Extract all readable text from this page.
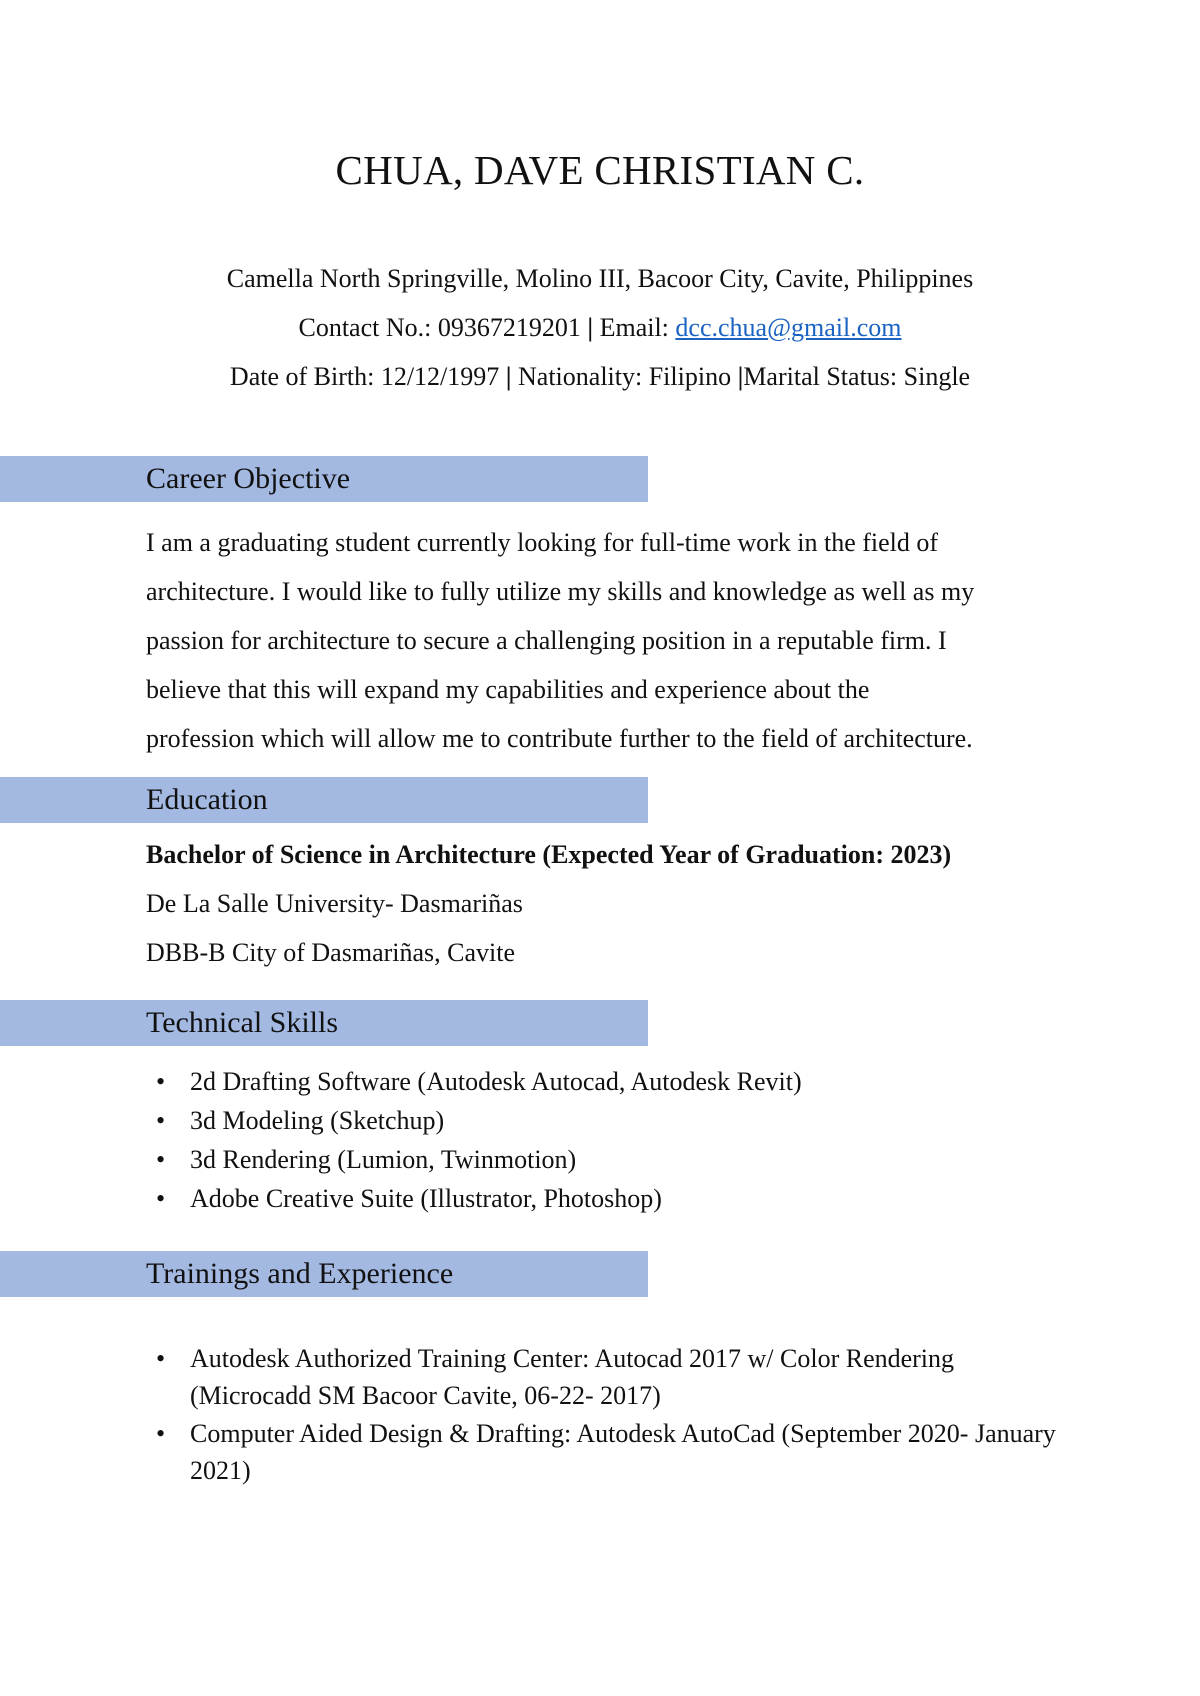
CHUA, DAVE CHRISTIAN C.
Camella North Springville, Molino III, Bacoor City, Cavite, Philippines
Contact No.: 09367219201 | Email: dcc.chua@gmail.com
Date of Birth: 12/12/1997 | Nationality: Filipino |Marital Status: Single
Career Objective
I am a graduating student currently looking for full-time work in the field of
architecture. I would like to fully utilize my skills and knowledge as well as my
passion for architecture to secure a challenging position in a reputable firm. I
believe that this will expand my capabilities and experience about the
profession which will allow me to contribute further to the field of architecture.
Education
Bachelor of Science in Architecture (Expected Year of Graduation: 2023)
De La Salle University- Dasmariñas
DBB-B City of Dasmariñas, Cavite
Technical Skills
• 2d Drafting Software (Autodesk Autocad, Autodesk Revit)
• 3d Modeling (Sketchup)
• 3d Rendering (Lumion, Twinmotion)
• Adobe Creative Suite (Illustrator, Photoshop)
Trainings and Experience
• Autodesk Authorized Training Center: Autocad 2017 w/ Color Rendering (Microcadd SM Bacoor Cavite, 06-22- 2017)
• Computer Aided Design & Drafting: Autodesk AutoCad (September 2020- January 2021)
